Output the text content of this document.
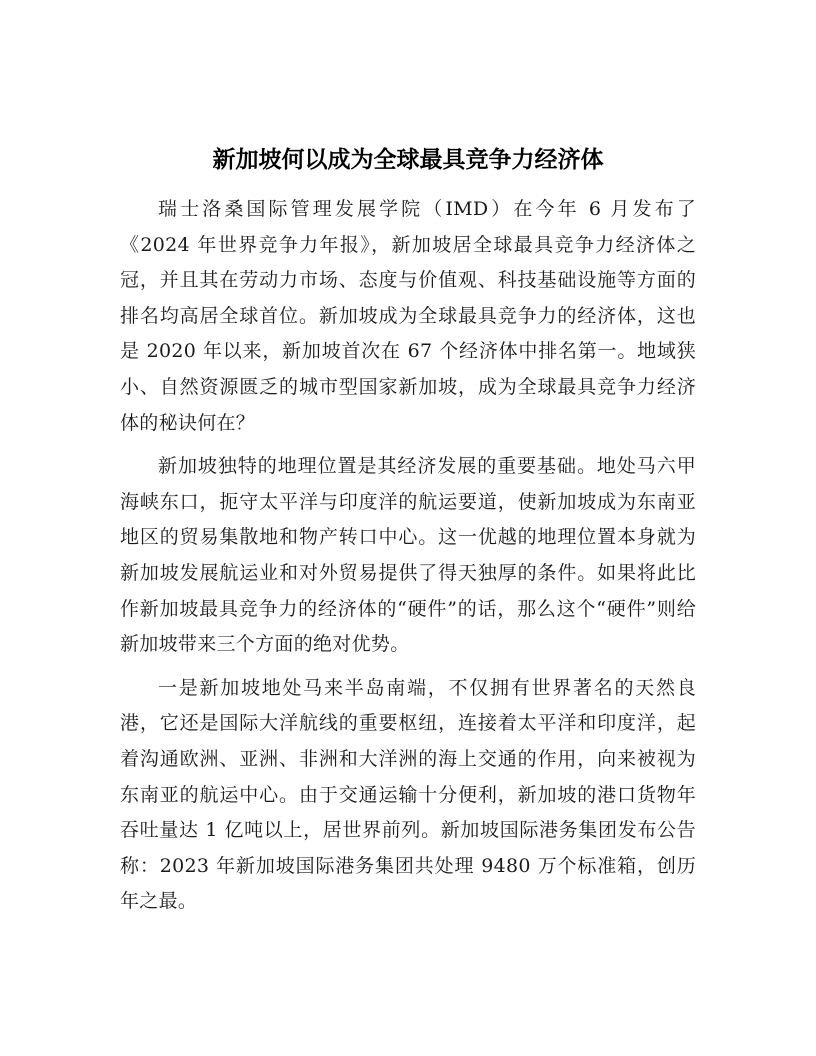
新加坡何以成为全球最具竞争力经济体

瑞士洛桑国际管理发展学院（IMD）在今年 6 月发布了《2024 年世界竞争力年报》，新加坡居全球最具竞争力经济体之冠，并且其在劳动力市场、态度与价值观、科技基础设施等方面的排名均高居全球首位。新加坡成为全球最具竞争力的经济体，这也是 2020 年以来，新加坡首次在 67 个经济体中排名第一。地域狭小、自然资源匮乏的城市型国家新加坡，成为全球最具竞争力经济体的秘诀何在？

新加坡独特的地理位置是其经济发展的重要基础。地处马六甲海峡东口，扼守太平洋与印度洋的航运要道，使新加坡成为东南亚地区的贸易集散地和物产转口中心。这一优越的地理位置本身就为新加坡发展航运业和对外贸易提供了得天独厚的条件。如果将此比作新加坡最具竞争力的经济体的“硬件”的话，那么这个“硬件”则给新加坡带来三个方面的绝对优势。

一是新加坡地处马来半岛南端，不仅拥有世界著名的天然良港，它还是国际大洋航线的重要枢纽，连接着太平洋和印度洋，起着沟通欧洲、亚洲、非洲和大洋洲的海上交通的作用，向来被视为东南亚的航运中心。由于交通运输十分便利，新加坡的港口货物年吞吐量达 1 亿吨以上，居世界前列。新加坡国际港务集团发布公告称：2023 年新加坡国际港务集团共处理 9480 万个标准箱，创历年之最。
